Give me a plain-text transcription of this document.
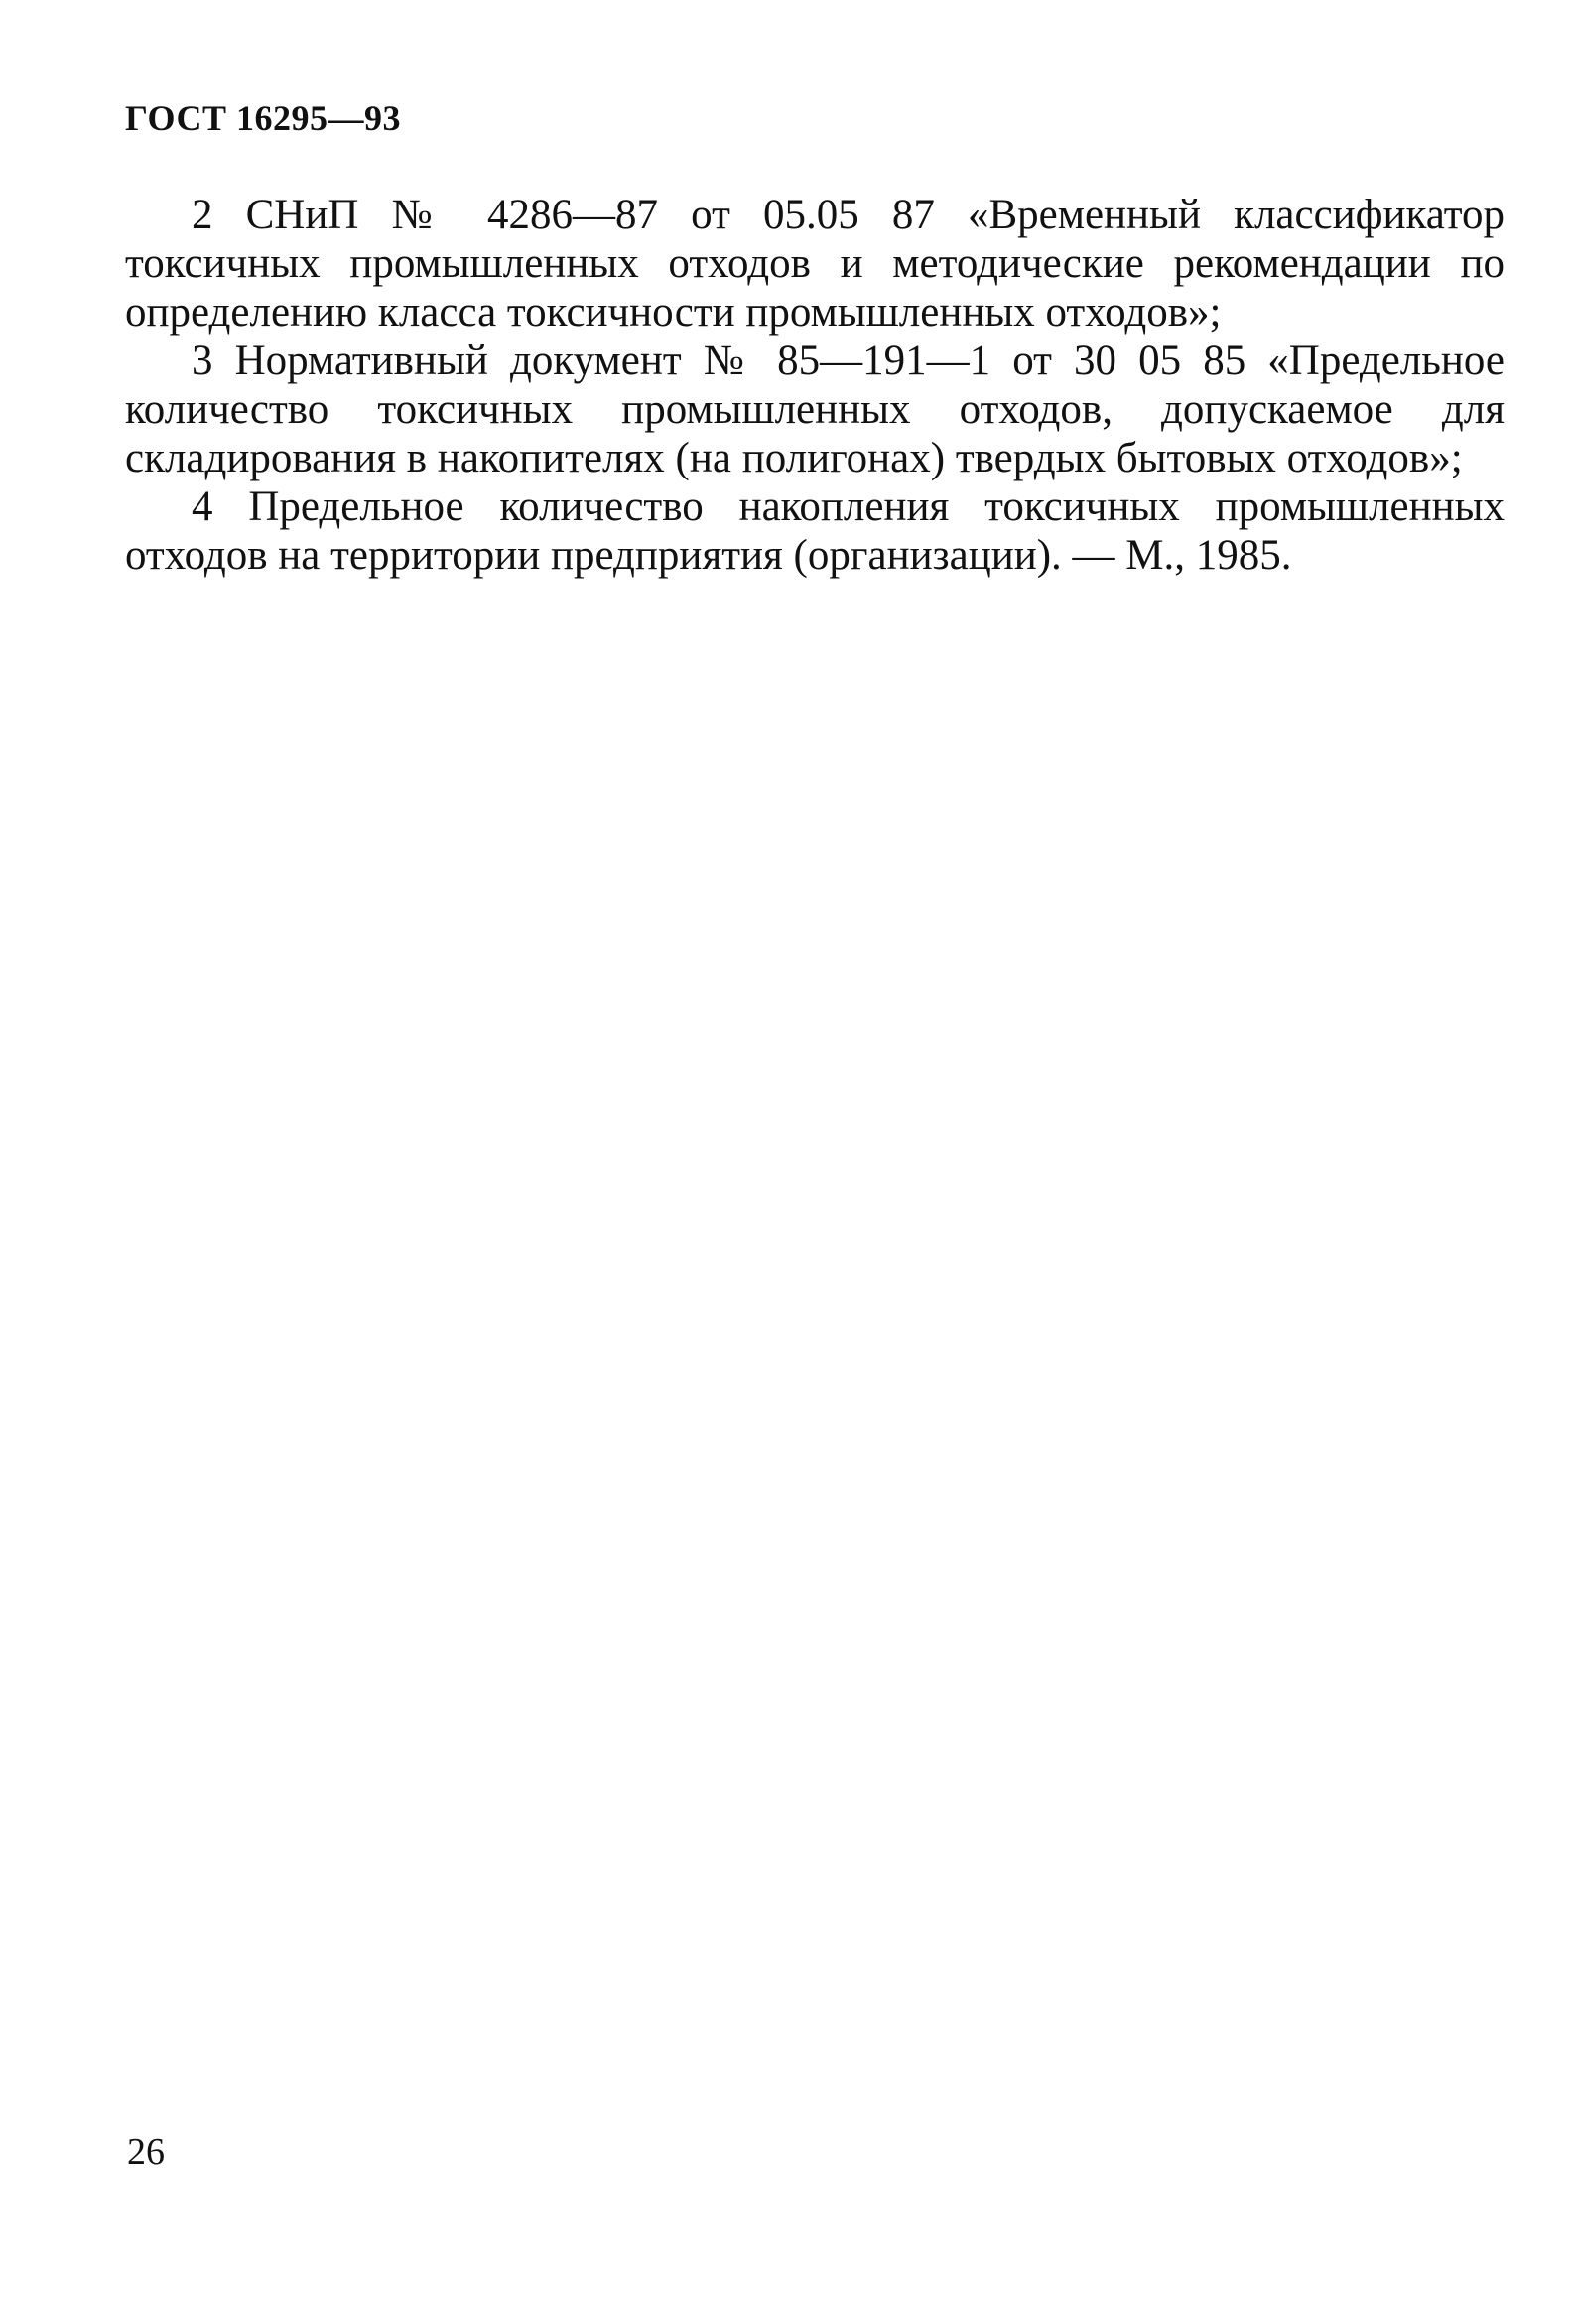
ГОСТ 16295—93

2 СНиП № 4286—87 от 05.05 87 «Временный классификатор токсичных промышленных отходов и методические рекомендации по определению класса токсичности промышленных отходов»;

3 Нормативный документ № 85—191—1 от 30 05 85 «Предельное количество токсичных промышленных отходов, допускаемое для складирования в накопителях (на полигонах) твердых бытовых отходов»;

4 Предельное количество накопления токсичных промышленных отходов на территории предприятия (организации). — М., 1985.

26
